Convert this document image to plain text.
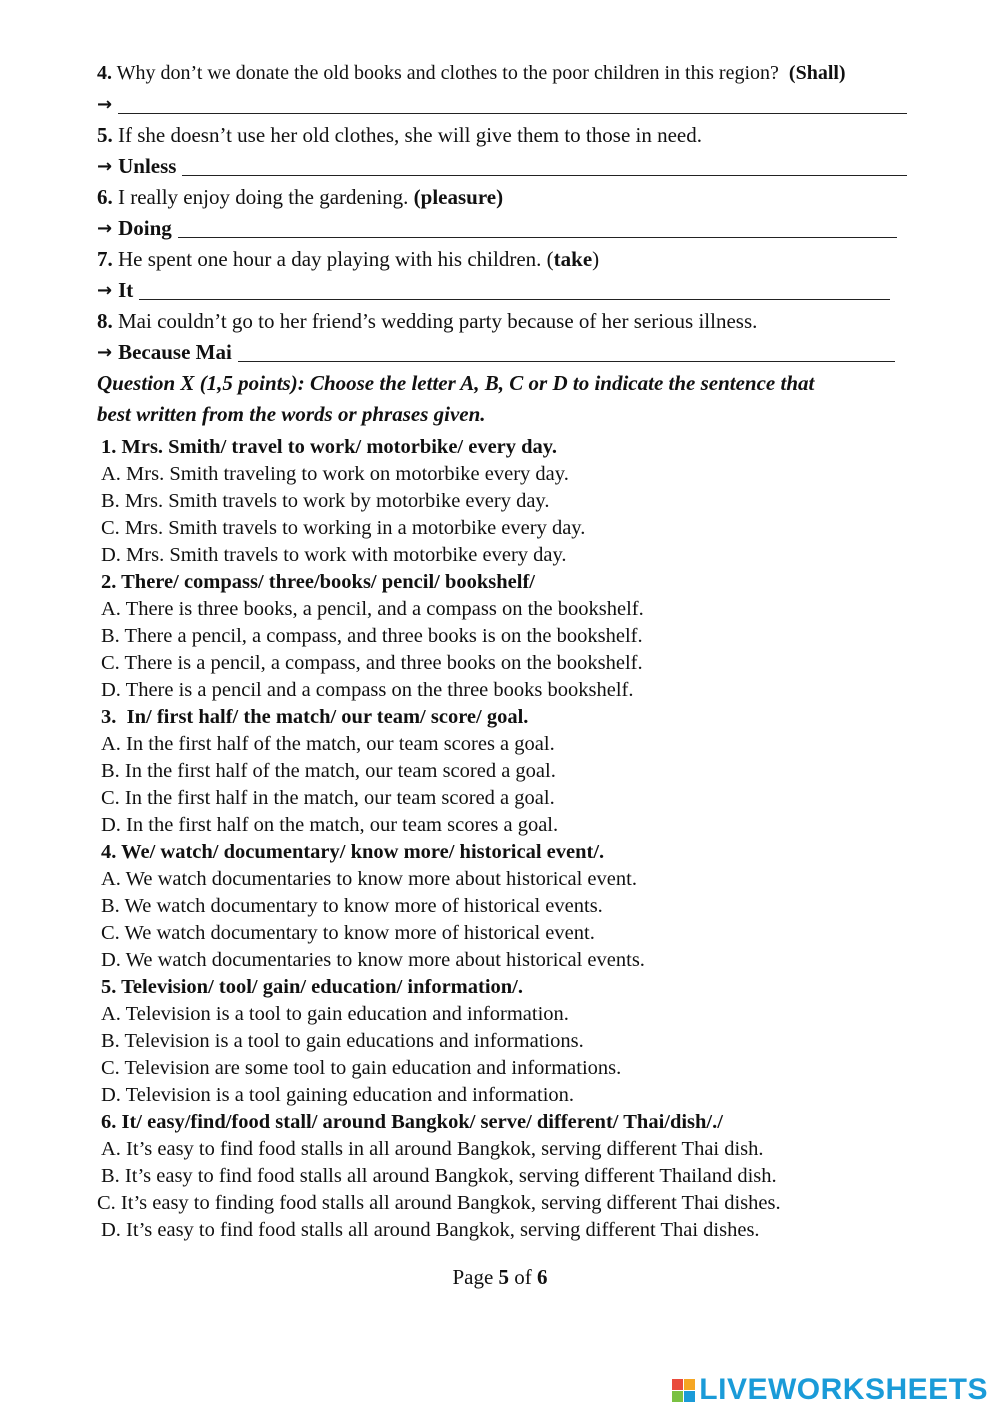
4. Why don’t we donate the old books and clothes to the poor children in this region? (Shall)
→
5. If she doesn’t use her old clothes, she will give them to those in need.
→ Unless
6. I really enjoy doing the gardening. (pleasure)
→ Doing
7. He spent one hour a day playing with his children. (take)
→ It
8. Mai couldn’t go to her friend’s wedding party because of her serious illness.
→ Because Mai
Question X (1,5 points): Choose the letter A, B, C or D to indicate the sentence that
best written from the words or phrases given.
1. Mrs. Smith/ travel to work/ motorbike/ every day.
A. Mrs. Smith traveling to work on motorbike every day.
B. Mrs. Smith travels to work by motorbike every day.
C. Mrs. Smith travels to working in a motorbike every day.
D. Mrs. Smith travels to work with motorbike every day.
2. There/ compass/ three/books/ pencil/ bookshelf/
A. There is three books, a pencil, and a compass on the bookshelf.
B. There a pencil, a compass, and three books is on the bookshelf.
C. There is a pencil, a compass, and three books on the bookshelf.
D. There is a pencil and a compass on the three books bookshelf.
3.  In/ first half/ the match/ our team/ score/ goal.
A. In the first half of the match, our team scores a goal.
B. In the first half of the match, our team scored a goal.
C. In the first half in the match, our team scored a goal.
D. In the first half on the match, our team scores a goal.
4. We/ watch/ documentary/ know more/ historical event/.
A. We watch documentaries to know more about historical event.
B. We watch documentary to know more of historical events.
C. We watch documentary to know more of historical event.
D. We watch documentaries to know more about historical events.
5. Television/ tool/ gain/ education/ information/.
A. Television is a tool to gain education and information.
B. Television is a tool to gain educations and informations.
C. Television are some tool to gain education and informations.
D. Television is a tool gaining education and information.
6. It/ easy/find/food stall/ around Bangkok/ serve/ different/ Thai/dish/./
A. It’s easy to find food stalls in all around Bangkok, serving different Thai dish.
B. It’s easy to find food stalls all around Bangkok, serving different Thailand dish.
C. It’s easy to finding food stalls all around Bangkok, serving different Thai dishes.
D. It’s easy to find food stalls all around Bangkok, serving different Thai dishes.
Page 5 of 6
LIVEWORKSHEETS
